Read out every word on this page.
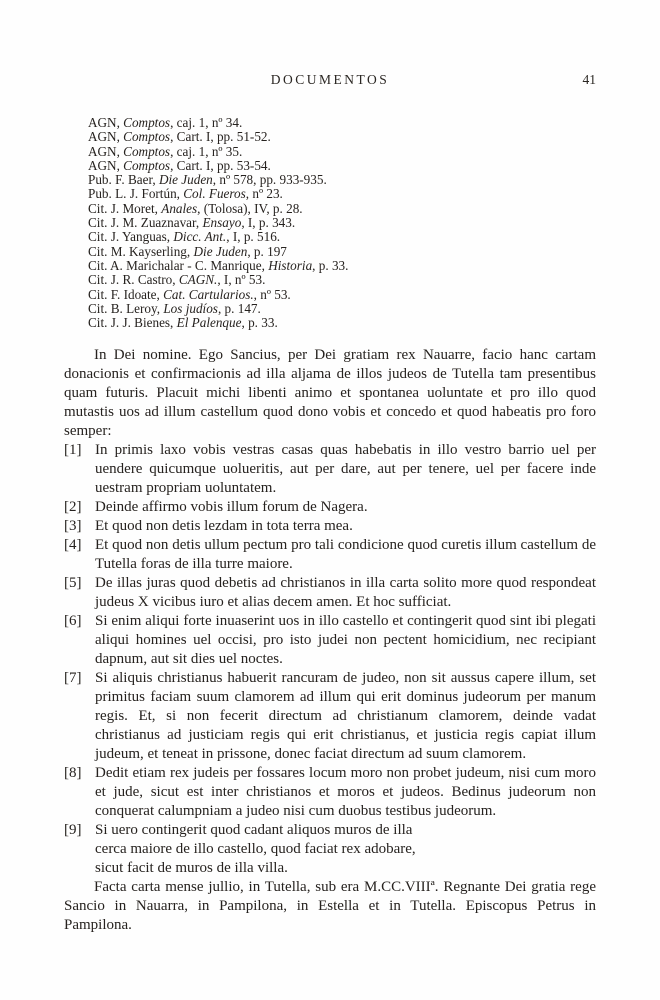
DOCUMENTOS	41
AGN, Comptos, caj. 1, nº 34.
AGN, Comptos, Cart. I, pp. 51-52.
AGN, Comptos, caj. 1, nº 35.
AGN, Comptos, Cart. I, pp. 53-54.
Pub. F. Baer, Die Juden, nº 578, pp. 933-935.
Pub. L. J. Fortún, Col. Fueros, nº 23.
Cit. J. Moret, Anales, (Tolosa), IV, p. 28.
Cit. J. M. Zuaznavar, Ensayo, I, p. 343.
Cit. J. Yanguas, Dicc. Ant., I, p. 516.
Cit. M. Kayserling, Die Juden, p. 197
Cit. A. Marichalar - C. Manrique, Historia, p. 33.
Cit. J. R. Castro, CAGN., I, nº 53.
Cit. F. Idoate, Cat. Cartularios., nº 53.
Cit. B. Leroy, Los judíos, p. 147.
Cit. J. J. Bienes, El Palenque, p. 33.

In Dei nomine. Ego Sancius, per Dei gratiam rex Nauarre, facio hanc cartam donacionis et confirmacionis ad illa aljama de illos judeos de Tutella tam presentibus quam futuris. Placuit michi libenti animo et spontanea uoluntate et pro illo quod mutastis uos ad illum castellum quod dono vobis et concedo et quod habeatis pro foro semper:

[1] In primis laxo vobis vestras casas quas habebatis in illo vestro barrio uel per uendere quicumque uolueritis, aut per dare, aut per tenere, uel per facere inde uestram propriam uoluntatem.
[2] Deinde affirmo vobis illum forum de Nagera.
[3] Et quod non detis lezdam in tota terra mea.
[4] Et quod non detis ullum pectum pro tali condicione quod curetis illum castellum de Tutella foras de illa turre maiore.
[5] De illas juras quod debetis ad christianos in illa carta solito more quod respondeat judeus X vicibus iuro et alias decem amen. Et hoc sufficiat.
[6] Si enim aliqui forte inuaserint uos in illo castello et contingerit quod sint ibi plegati aliqui homines uel occisi, pro isto judei non pectent homicidium, nec recipiant dapnum, aut sit dies uel noctes.
[7] Si aliquis christianus habuerit rancuram de judeo, non sit aussus capere illum, set primitus faciam suum clamorem ad illum qui erit dominus judeorum per manum regis. Et, si non fecerit directum ad christianum clamorem, deinde vadat christianus ad justiciam regis qui erit christianus, et justicia regis capiat illum judeum, et teneat in prissone, donec faciat directum ad suum clamorem.
[8] Dedit etiam rex judeis per fossares locum moro non probet judeum, nisi cum moro et jude, sicut est inter christianos et moros et judeos. Bedinus judeorum non conquerat calumpniam a judeo nisi cum duobus testibus judeorum.
[9] Si uero contingerit quod cadant aliquos muros de illa
cerca maiore de illo castello, quod faciat rex adobare,
sicut facit de muros de illa villa.

Facta carta mense jullio, in Tutella, sub era M.CC.VIIIª. Regnante Dei gratia rege Sancio in Nauarra, in Pampilona, in Estella et in Tutella. Episcopus Petrus in Pampilona.
